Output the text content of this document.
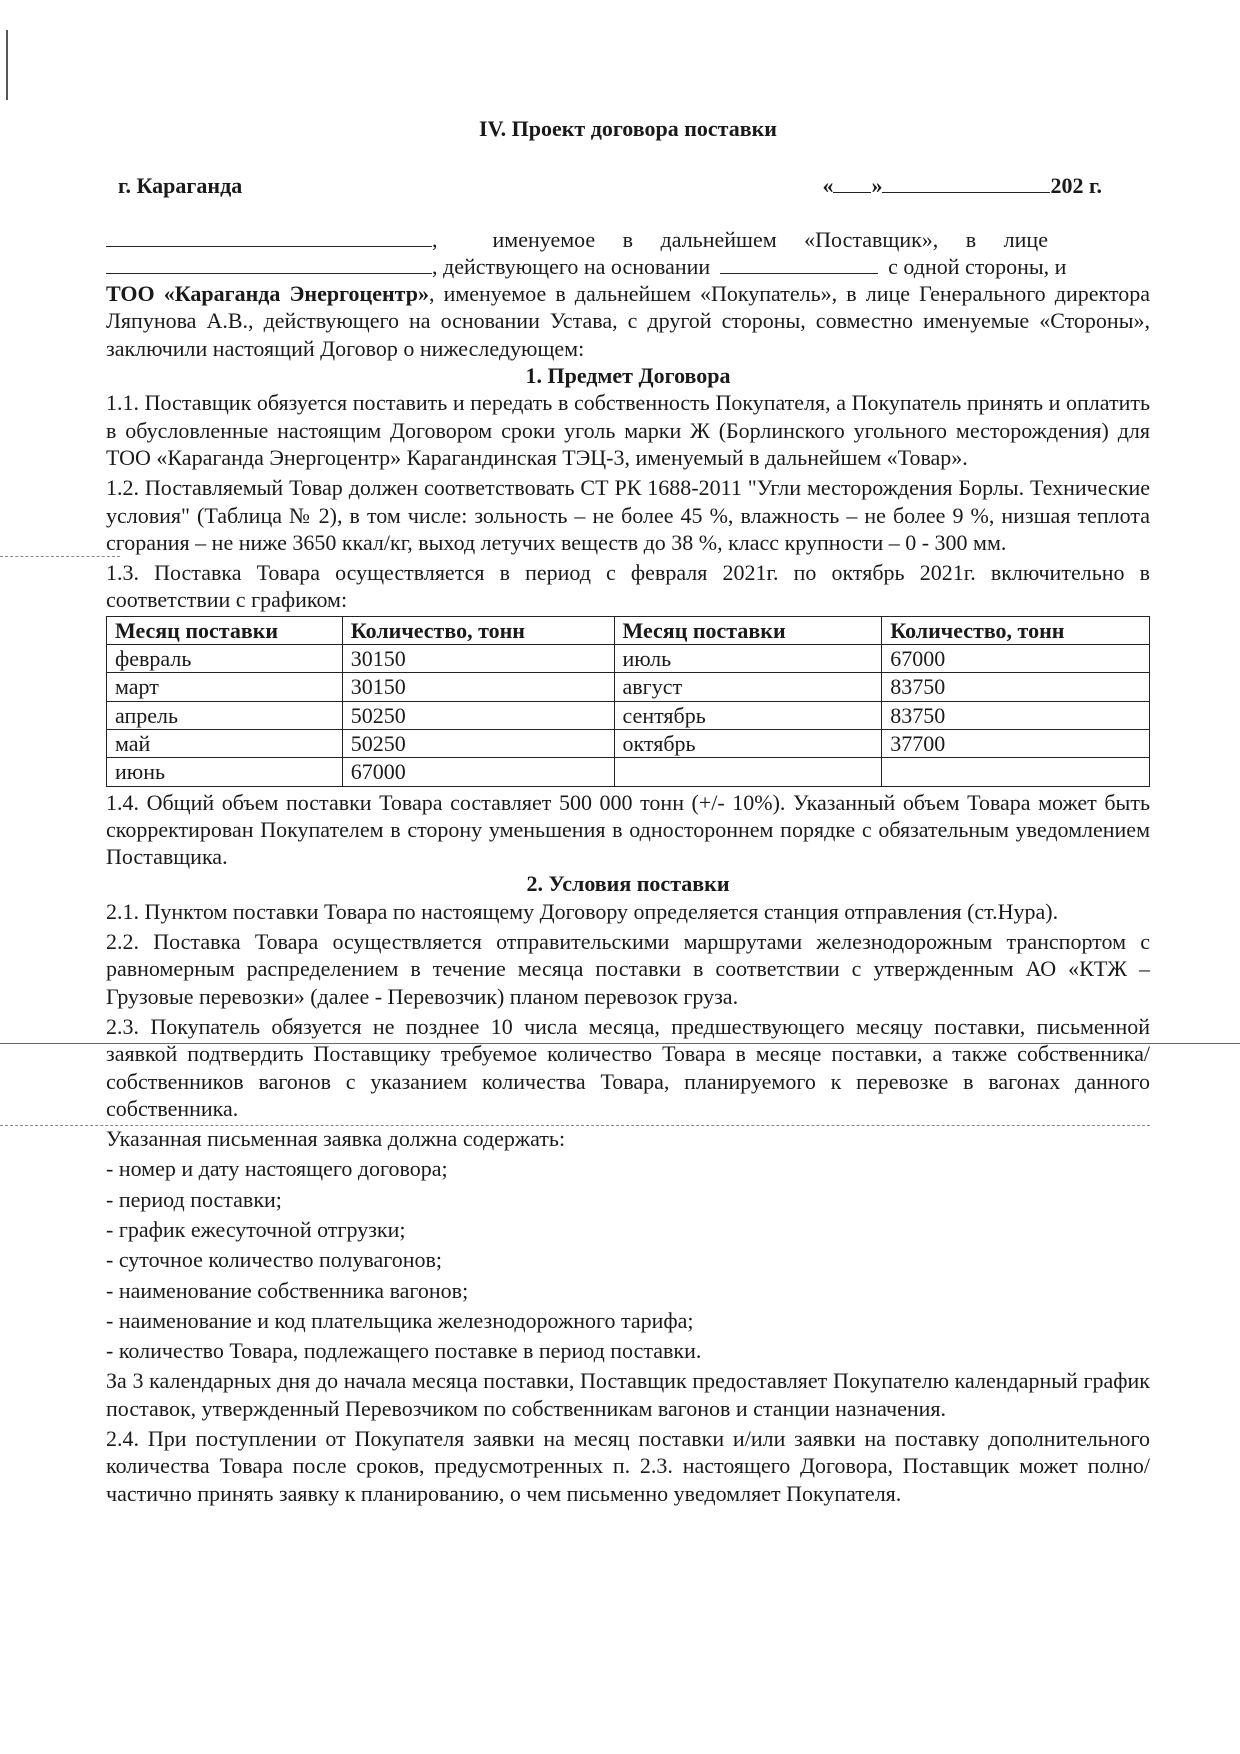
IV. Проект договора поставки
г. Караганда	« »	202 г.

,          именуемое     в     дальнейшем     «Поставщик»,     в     лице

, действующего на основании	с одной стороны, и

ТОО «Караганда Энергоцентр», именуемое в дальнейшем «Покупатель», в лице Генерального директора Ляпунова А.В., действующего на основании Устава, с другой стороны, совместно именуемые «Стороны», заключили настоящий Договор о нижеследующем:

1. Предмет Договора

1.1. Поставщик обязуется поставить и передать в собственность Покупателя, а Покупатель принять и оплатить в обусловленные настоящим Договором сроки уголь марки Ж (Борлинского угольного месторождения) для ТОО «Караганда Энергоцентр» Карагандинская ТЭЦ-3, именуемый в дальнейшем «Товар».

1.2. Поставляемый Товар должен соответствовать СТ РК 1688-2011 "Угли месторождения Борлы. Технические условия" (Таблица № 2), в том числе: зольность – не более 45 %, влажность – не более 9 %, низшая теплота сгорания – не ниже 3650 ккал/кг, выход летучих веществ до 38 %, класс крупности – 0 - 300 мм.

1.3. Поставка Товара осуществляется в период с февраля 2021г. по октябрь 2021г. включительно в соответствии с графиком:

Месяц поставки	Количество, тонн	Месяц поставки	Количество, тонн
февраль	30150	июль	67000
март	30150	август	83750
апрель	50250	сентябрь	83750
май	50250	октябрь	37700
июнь	67000		

1.4. Общий объем поставки Товара составляет 500 000 тонн (+/- 10%). Указанный объем Товара может быть скорректирован Покупателем в сторону уменьшения в одностороннем порядке с обязательным уведомлением Поставщика.

2. Условия поставки

2.1. Пунктом поставки Товара по настоящему Договору определяется станция отправления (ст.Нура).

2.2. Поставка Товара осуществляется отправительскими маршрутами железнодорожным транспортом с равномерным распределением в течение месяца поставки в соответствии с утвержденным АО «КТЖ – Грузовые перевозки» (далее - Перевозчик) планом перевозок груза.

2.3. Покупатель обязуется не позднее 10 числа месяца, предшествующего месяцу поставки, письменной заявкой подтвердить Поставщику требуемое количество Товара в месяце поставки, а также собственника/собственников вагонов с указанием количества Товара, планируемого к перевозке в вагонах данного собственника.

Указанная письменная заявка должна содержать:

- номер и дату настоящего договора;

- период поставки;

- график ежесуточной отгрузки;

- суточное количество полувагонов;

- наименование собственника вагонов;

- наименование и код плательщика железнодорожного тарифа;

- количество Товара, подлежащего поставке в период поставки.

За 3 календарных дня до начала месяца поставки, Поставщик предоставляет Покупателю календарный график поставок, утвержденный Перевозчиком по собственникам вагонов и станции назначения.

2.4. При поступлении от Покупателя заявки на месяц поставки и/или заявки на поставку дополнительного количества Товара после сроков, предусмотренных п. 2.3. настоящего Договора, Поставщик может полно/частично принять заявку к планированию, о чем письменно уведомляет Покупателя.
